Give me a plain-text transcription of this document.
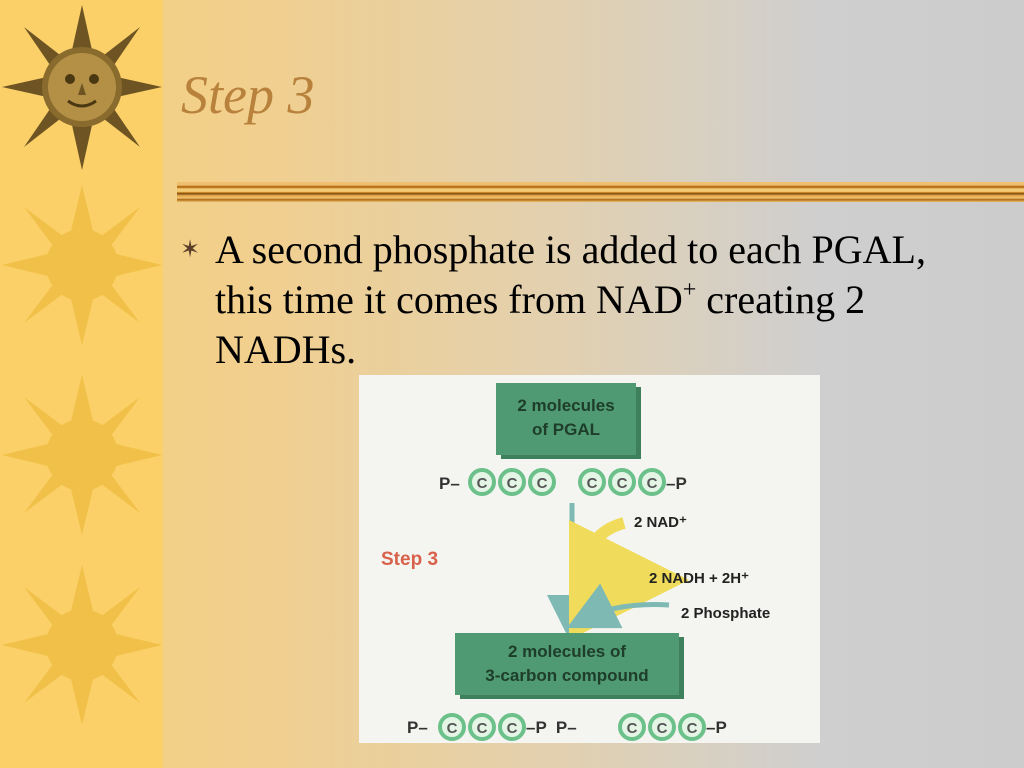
Step 3
✶ A second phosphate is added to each PGAL, this time it comes from NAD+ creating 2 NADHs.
2 molecules
of PGAL
P– C C C	C C C –P
2 NAD⁺
2 NADH + 2H⁺
2 Phosphate
Step 3
2 molecules of
3-carbon compound
P– C C C –P  P–	C C C –P
